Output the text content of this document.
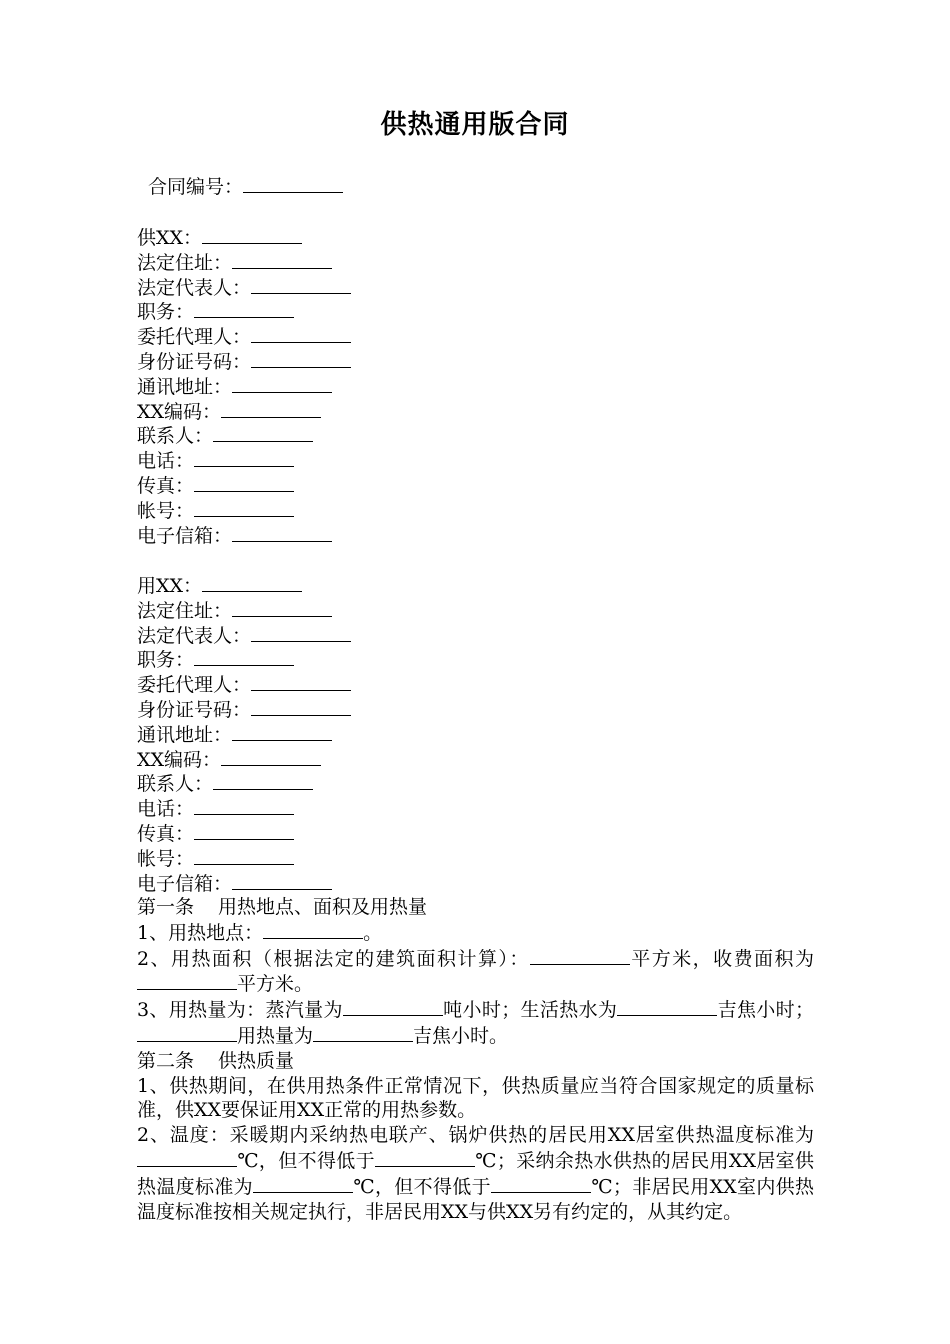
供热通用版合同
合同编号：
供XX：
法定住址：
法定代表人：
职务：
委托代理人：
身份证号码：
通讯地址：
XX编码：
联系人：
电话：
传真：
帐号：
电子信箱：
用XX：
法定住址：
法定代表人：
职务：
委托代理人：
身份证号码：
通讯地址：
XX编码：
联系人：
电话：
传真：
帐号：
电子信箱：

第一条 用热地点、面积及用热量

1、用热地点：	。

2、用热面积（根据法定的建筑面积计算）：	平方米，收费面积为平方米。

3、用热量为：蒸汽量为	吨小时；生活热水为	吉焦小时；用热量为	吉焦小时。

第二条 供热质量

1、供热期间，在供用热条件正常情况下，供热质量应当符合国家规定的质量标准，供XX要保证用XX正常的用热参数。

2、温度：采暖期内采纳热电联产、锅炉供热的居民用XX居室供热温度标准为℃，但不得低于	℃；采纳余热水供热的居民用XX居室供热温度标准为	℃，但不得低于	℃；非居民用XX室内供热温度标准按相关规定执行，非居民用XX与供XX另有约定的，从其约定。
